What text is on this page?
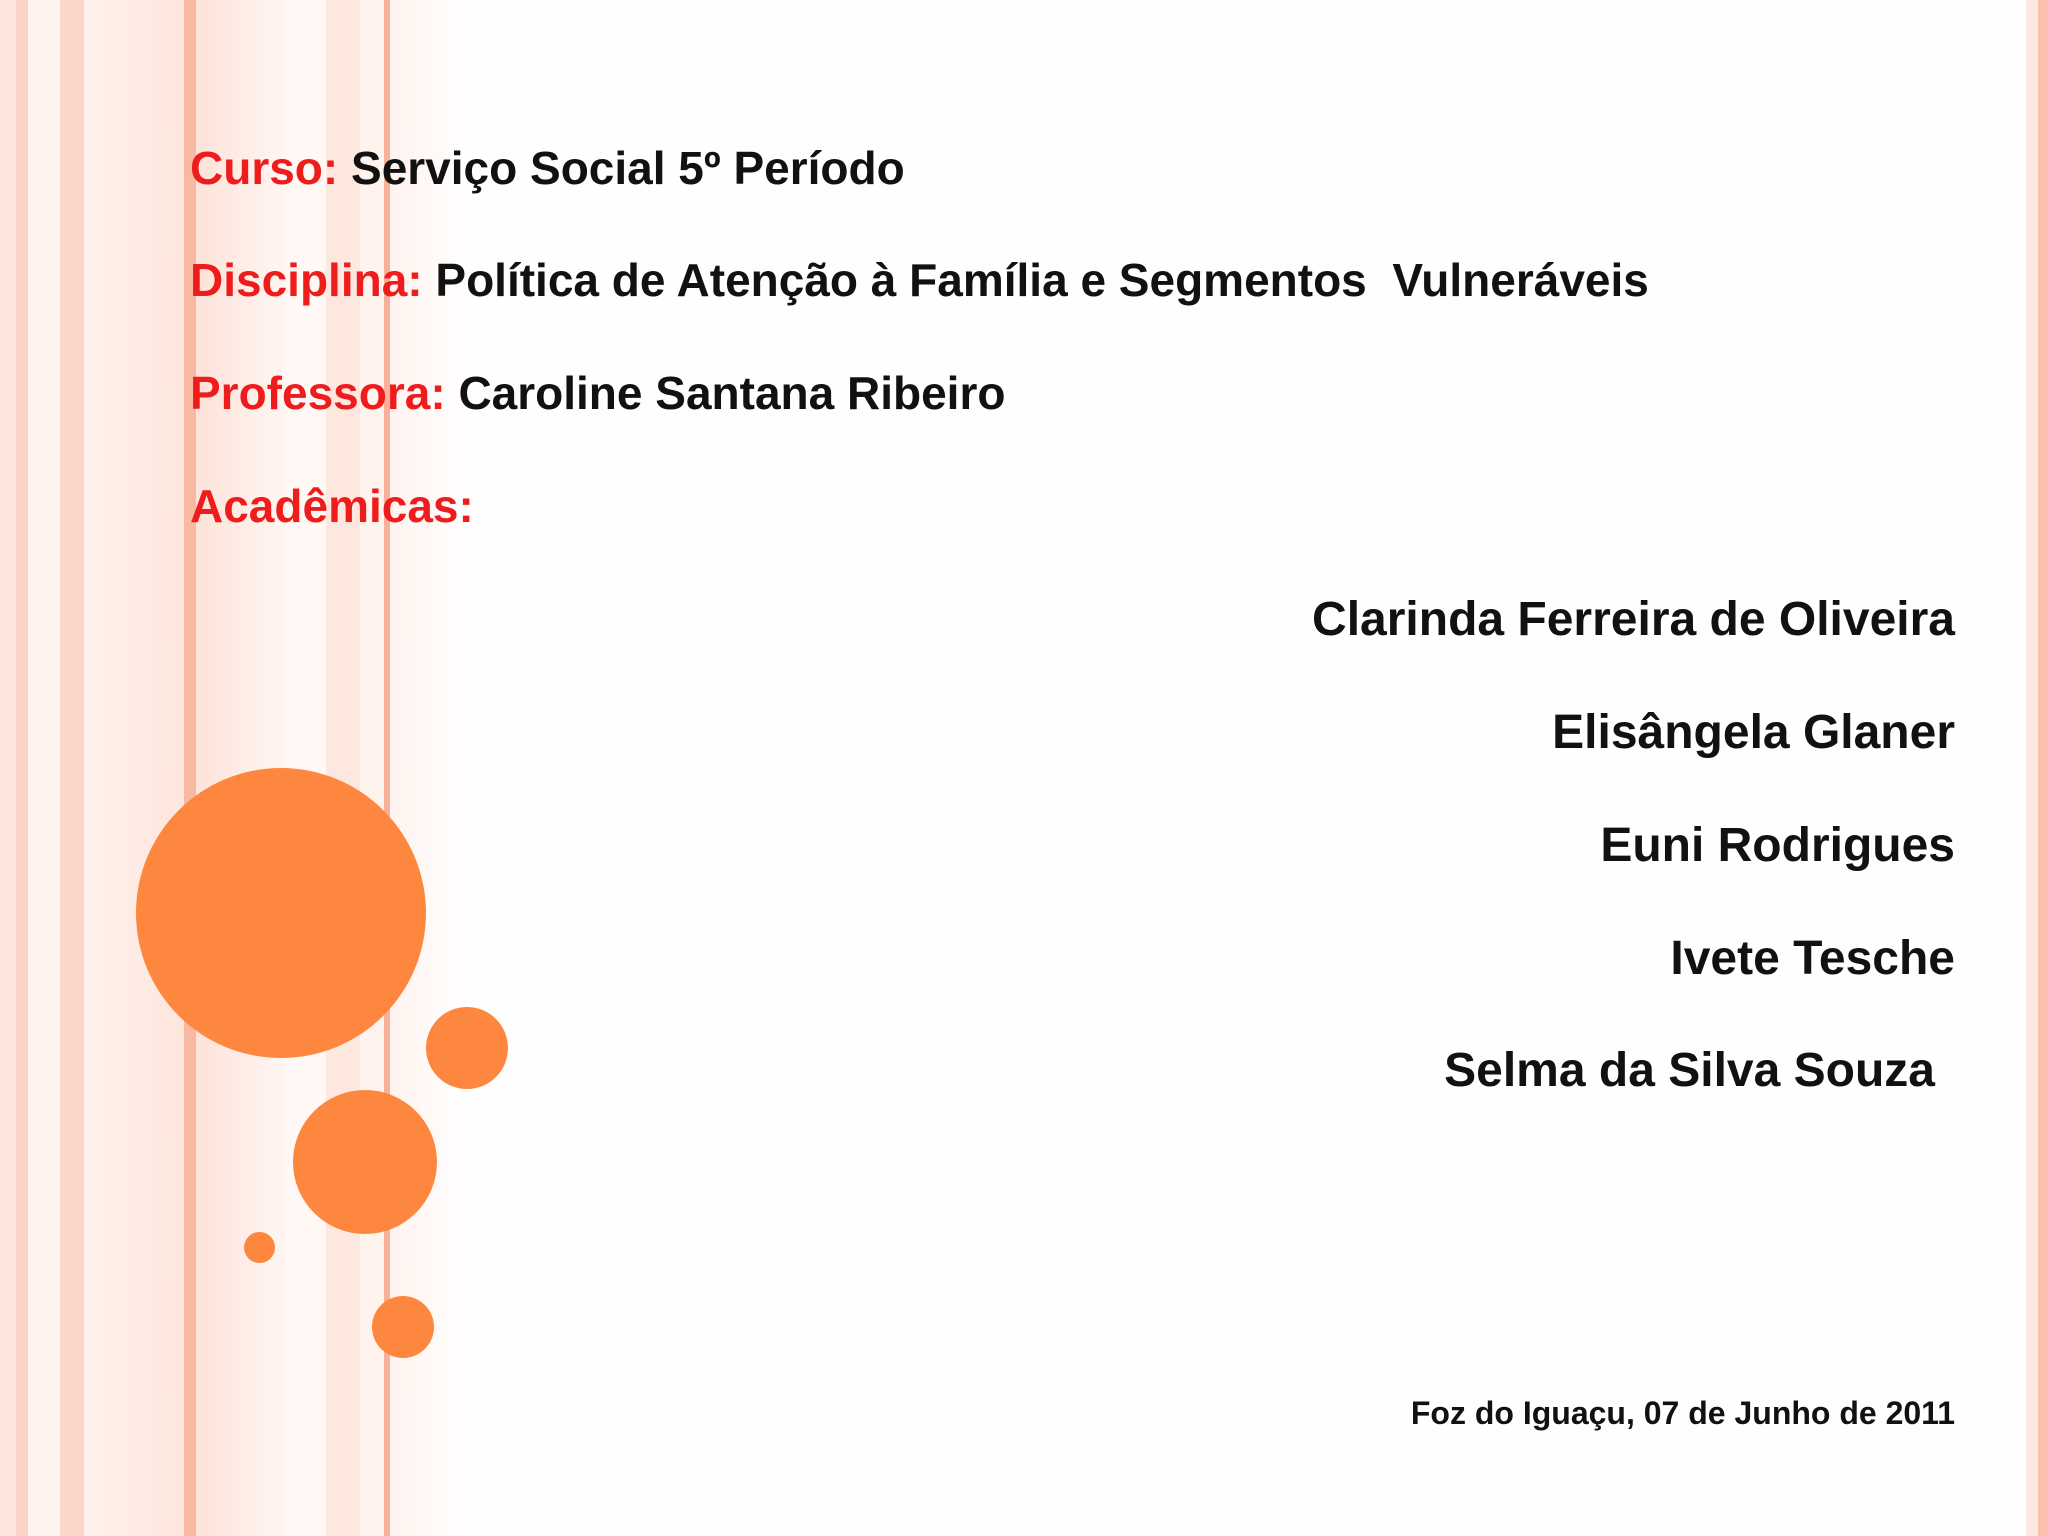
Curso: Serviço Social 5º Período
Disciplina: Política de Atenção à Família e Segmentos  Vulneráveis
Professora: Caroline Santana Ribeiro
Acadêmicas:
Clarinda Ferreira de Oliveira
Elisângela Glaner
Euni Rodrigues
Ivete Tesche
Selma da Silva Souza
Foz do Iguaçu, 07 de Junho de 2011
